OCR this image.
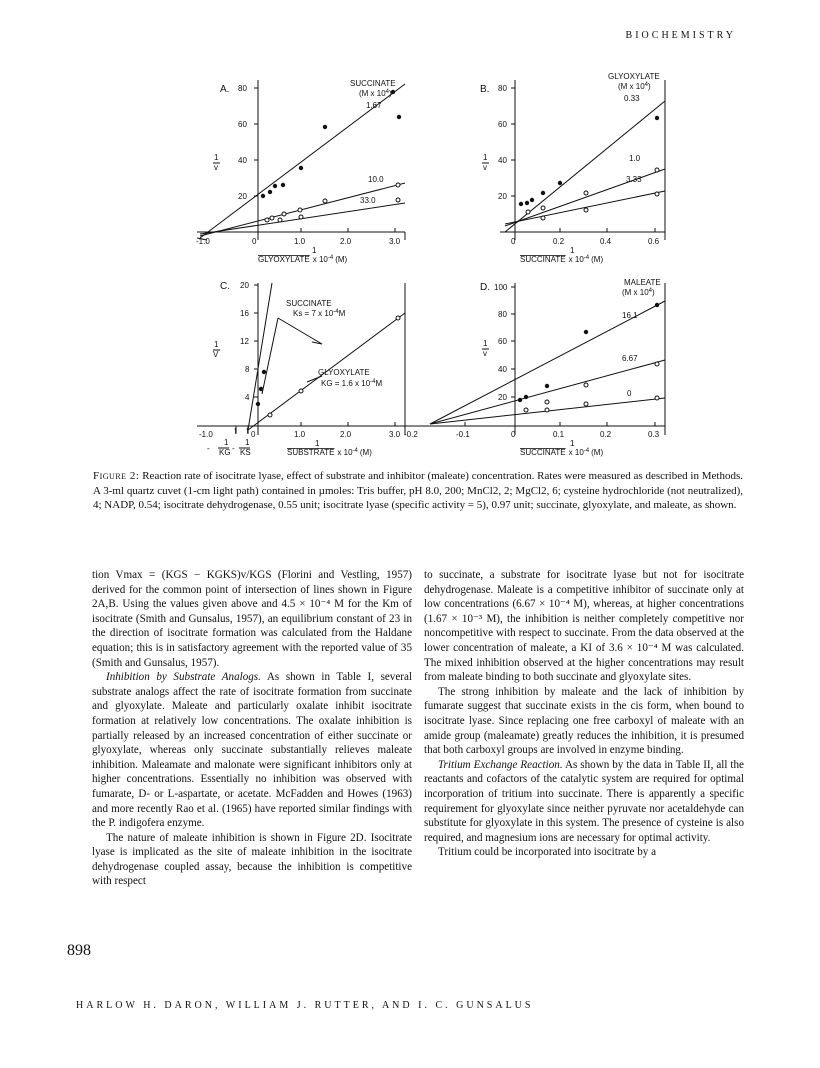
BIOCHEMISTRY
A. 80
60
40
20
-1.0	0	1.0	2.0	3.0
SUCCINATE
(M x $10^4$)
1.67
10.0
33.0
1
v
1
GLYOXYLATE x $10^{-4}$ (M)
B. 80
60
40
20
0	0.2	0.4	0.6
GLYOXYLATE
(M x $10^4$)
0.33
1.0
3.33
1
v
1
SUCCINATE x $10^{-4}$ (M)
C. 20
16
12
8
4
-1.0	0	1.0	2.0	3.0
SUCCINATE
Ks = 7 x $10^{-4}M$
GLYOXYLATE
KG = 1.6 x $10^{-4}M$
1
V
1
KG
1
KS
1
SUBSTRATE x $10^{-4}$ (M)
-	-
↑ ↑
D. 100
80
60
40
20
-0.2	-0.1	0	0.1	0.2	0.3
MALEATE
(M x $10^4$)
16.1
6.67
0
1
v
1
SUCCINATE x $10^{-4}$ (M)
Figure 2: Reaction rate of isocitrate lyase, effect of substrate and inhibitor (maleate) concentration. Rates were measured as described in Methods. A 3-ml quartz cuvet (1-cm light path) contained in µmoles: Tris buffer, pH 8.0, 200; MnCl2, 2; MgCl2, 6; cysteine hydrochloride (not neutralized), 4; NADP, 0.54; isocitrate dehydrogenase, 0.55 unit; isocitrate lyase (specific activity = 5), 0.97 unit; succinate, glyoxylate, and maleate, as shown.

tion Vmax = (KGS − KGKS)v/KGS (Florini and Vestling, 1957) derived for the common point of intersection of lines shown in Figure 2A,B. Using the values given above and 4.5 × 10⁻⁴ M for the Km of isocitrate (Smith and Gunsalus, 1957), an equilibrium constant of 23 in the direction of isocitrate formation was calculated from the Haldane equation; this is in satisfactory agreement with the reported value of 35 (Smith and Gunsalus, 1957).

Inhibition by Substrate Analogs. As shown in Table I, several substrate analogs affect the rate of isocitrate formation from succinate and glyoxylate. Maleate and particularly oxalate inhibit isocitrate formation at relatively low concentrations. The oxalate inhibition is partially released by an increased concentration of either succinate or glyoxylate, whereas only succinate substantially relieves maleate inhibition. Maleamate and malonate were significant inhibitors only at higher concentrations. Essentially no inhibition was observed with fumarate, D- or L-aspartate, or acetate. McFadden and Howes (1963) and more recently Rao et al. (1965) have reported similar findings with the P. indigofera enzyme.

The nature of maleate inhibition is shown in Figure 2D. Isocitrate lyase is implicated as the site of maleate inhibition in the isocitrate dehydrogenase coupled assay, because the inhibition is competitive with respect

to succinate, a substrate for isocitrate lyase but not for isocitrate dehydrogenase. Maleate is a competitive inhibitor of succinate only at low concentrations (6.67 × 10⁻⁴ M), whereas, at higher concentrations (1.67 × 10⁻³ M), the inhibition is neither completely competitive nor noncompetitive with respect to succinate. From the data observed at the lower concentration of maleate, a KI of 3.6 × 10⁻⁴ M was calculated. The mixed inhibition observed at the higher concentrations may result from maleate binding to both succinate and glyoxylate sites.

The strong inhibition by maleate and the lack of inhibition by fumarate suggest that succinate exists in the cis form, when bound to isocitrate lyase. Since replacing one free carboxyl of maleate with an amide group (maleamate) greatly reduces the inhibition, it is presumed that both carboxyl groups are involved in enzyme binding.

Tritium Exchange Reaction. As shown by the data in Table II, all the reactants and cofactors of the catalytic system are required for optimal incorporation of tritium into succinate. There is apparently a specific requirement for glyoxylate since neither pyruvate nor acetaldehyde can substitute for glyoxylate in this system. The presence of cysteine is also required, and magnesium ions are necessary for optimal activity.

Tritium could be incorporated into isocitrate by a

898
HARLOW H. DARON, WILLIAM J. RUTTER, AND I. C. GUNSALUS
